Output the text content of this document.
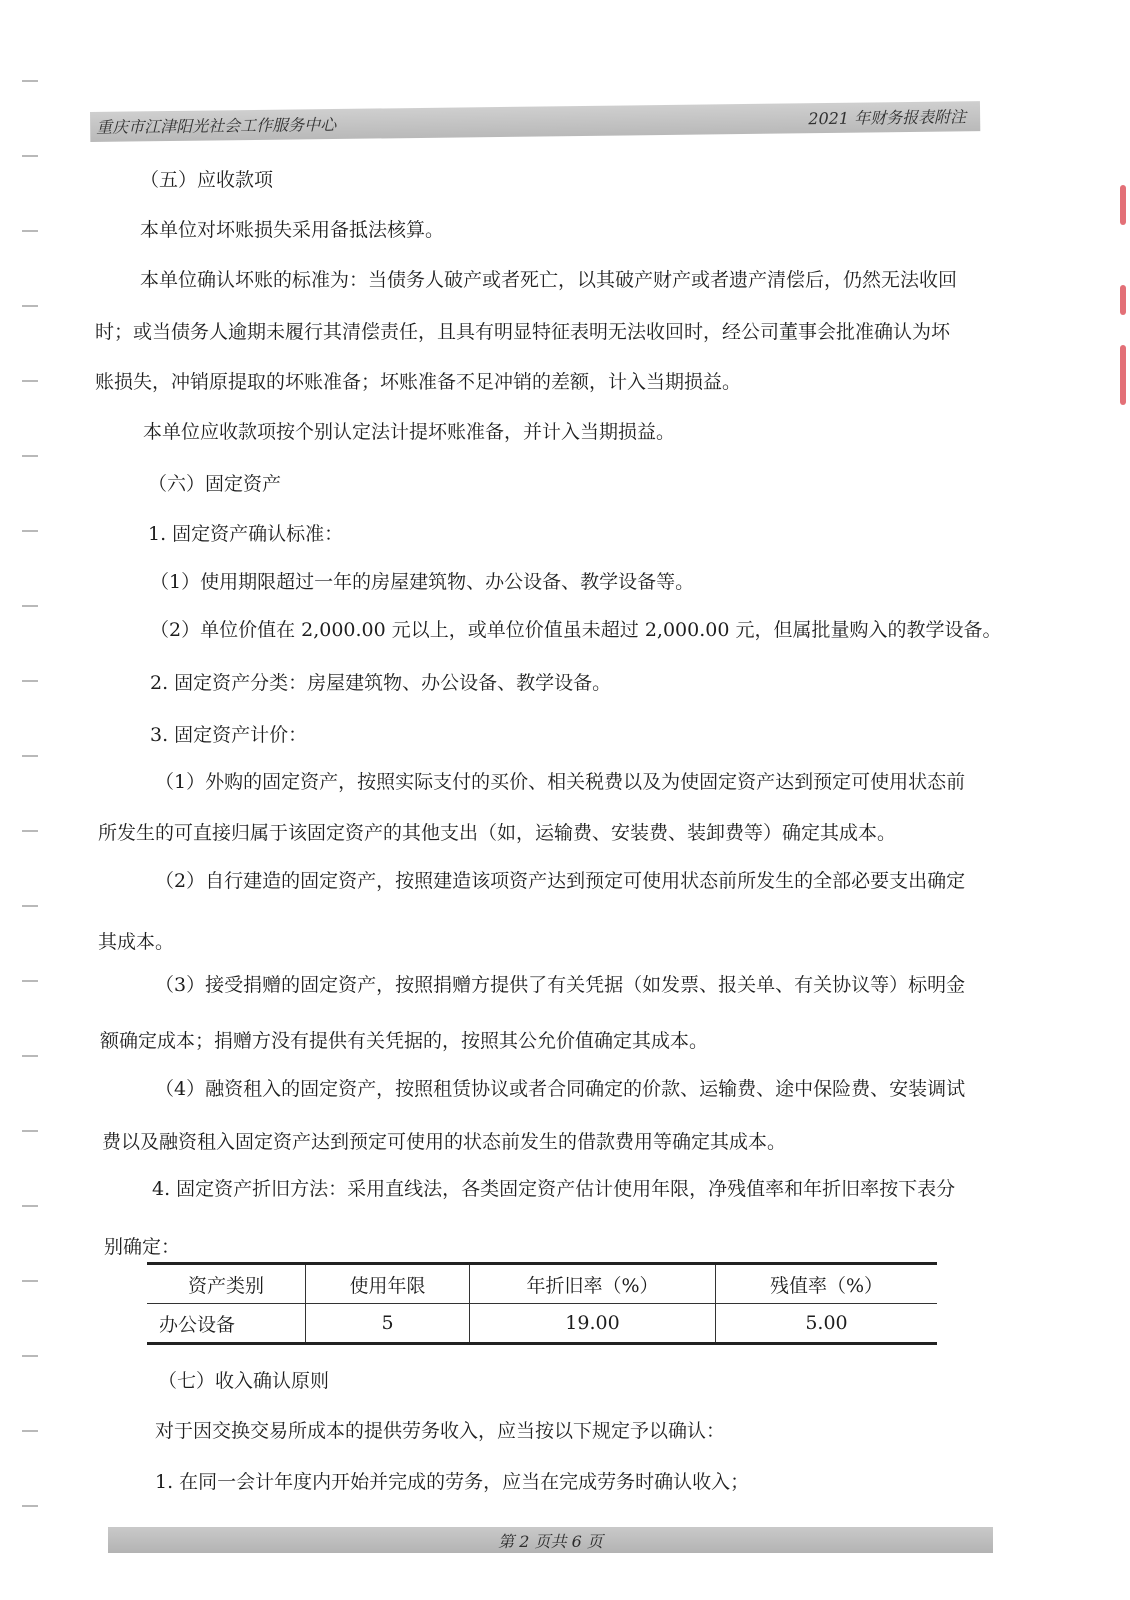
重庆市江津阳光社会工作服务中心	2021 年财务报表附注
（五）应收款项
本单位对坏账损失采用备抵法核算。
本单位确认坏账的标准为：当债务人破产或者死亡，以其破产财产或者遗产清偿后，仍然无法收回
时；或当债务人逾期未履行其清偿责任，且具有明显特征表明无法收回时，经公司董事会批准确认为坏
账损失，冲销原提取的坏账准备；坏账准备不足冲销的差额，计入当期损益。
本单位应收款项按个别认定法计提坏账准备，并计入当期损益。
（六）固定资产
1. 固定资产确认标准：
（1）使用期限超过一年的房屋建筑物、办公设备、教学设备等。
（2）单位价值在 2,000.00 元以上，或单位价值虽未超过 2,000.00 元，但属批量购入的教学设备。
2. 固定资产分类：房屋建筑物、办公设备、教学设备。
3. 固定资产计价：
（1）外购的固定资产，按照实际支付的买价、相关税费以及为使固定资产达到预定可使用状态前
所发生的可直接归属于该固定资产的其他支出（如，运输费、安装费、装卸费等）确定其成本。
（2）自行建造的固定资产，按照建造该项资产达到预定可使用状态前所发生的全部必要支出确定
其成本。
（3）接受捐赠的固定资产，按照捐赠方提供了有关凭据（如发票、报关单、有关协议等）标明金
额确定成本；捐赠方没有提供有关凭据的，按照其公允价值确定其成本。
（4）融资租入的固定资产，按照租赁协议或者合同确定的价款、运输费、途中保险费、安装调试
费以及融资租入固定资产达到预定可使用的状态前发生的借款费用等确定其成本。
4. 固定资产折旧方法：采用直线法，各类固定资产估计使用年限，净残值率和年折旧率按下表分
别确定：
资产类别	使用年限	年折旧率（%）	残值率（%）
办公设备	5	19.00	5.00
（七）收入确认原则
对于因交换交易所成本的提供劳务收入，应当按以下规定予以确认：
1. 在同一会计年度内开始并完成的劳务，应当在完成劳务时确认收入；
第 2 页共 6 页
